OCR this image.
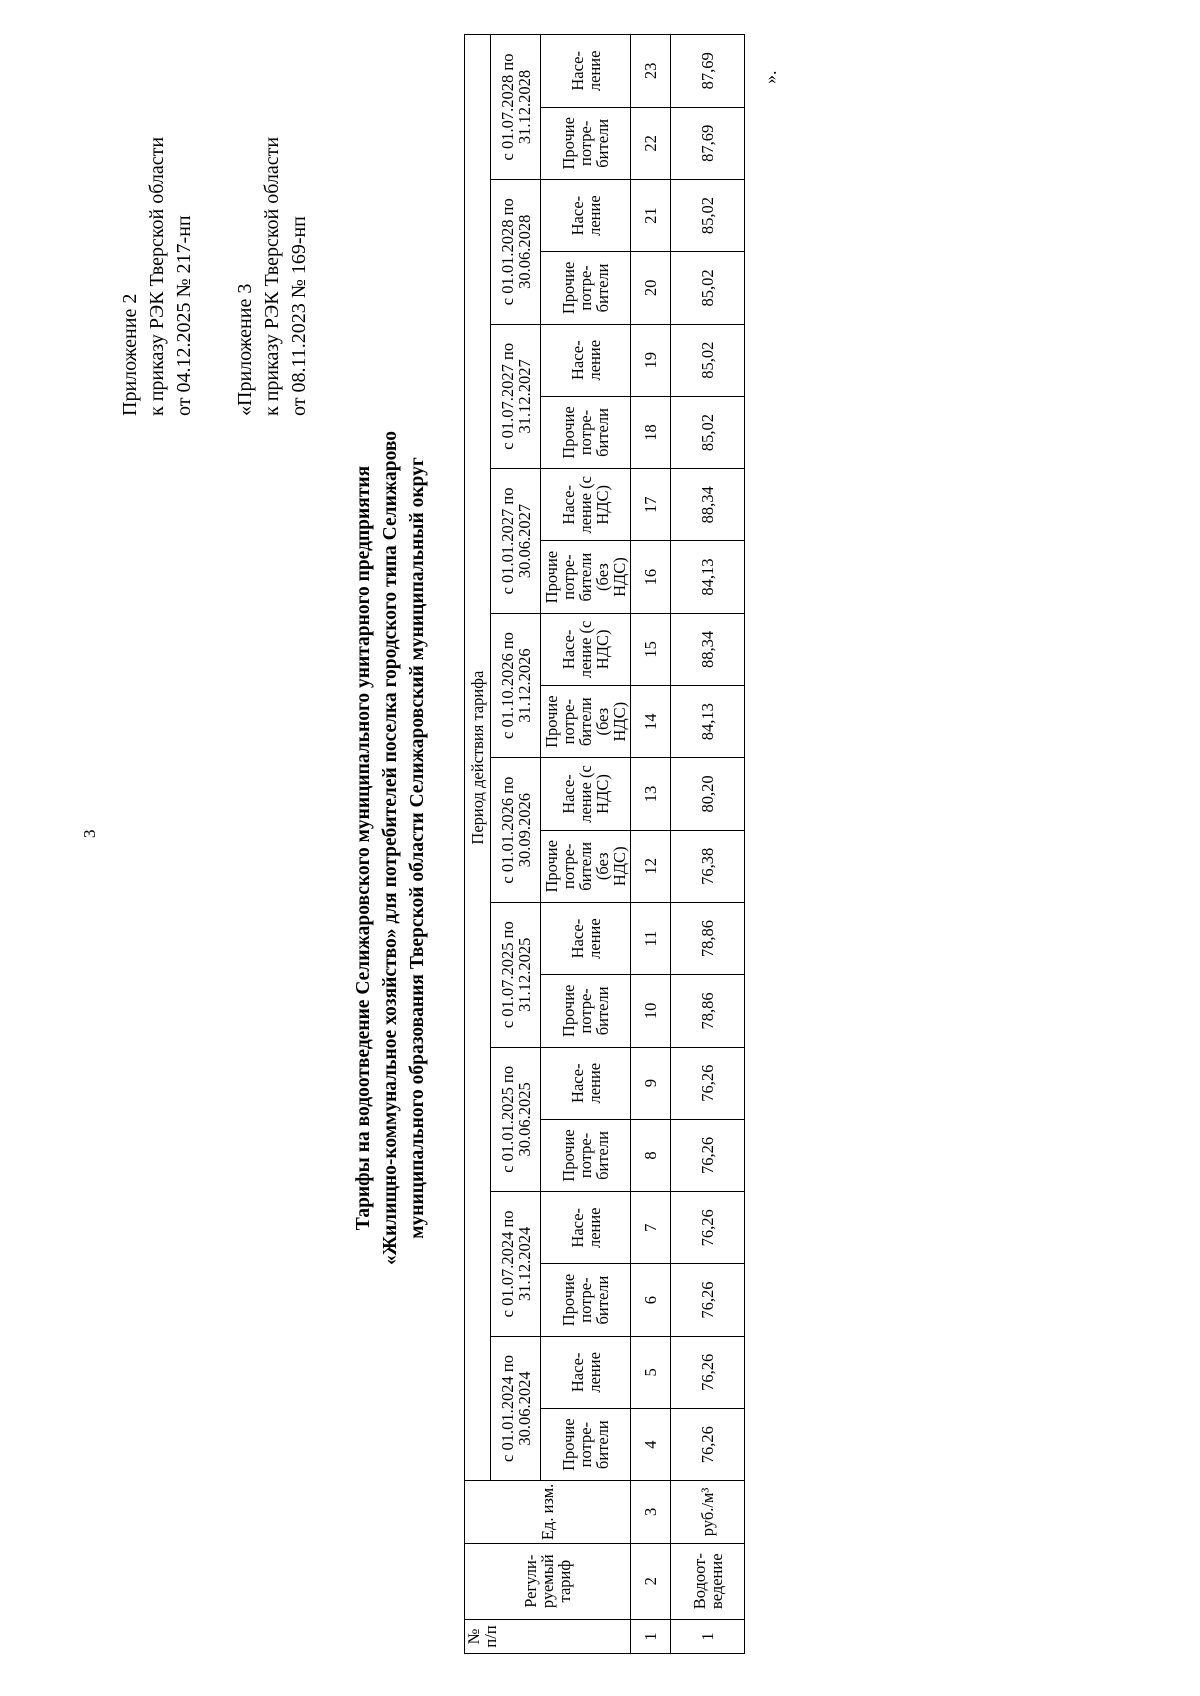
3
Приложение 2 к приказу РЭК Тверской области от 04.12.2025 № 217-нп «Приложение 3 к приказу РЭК Тверской области от 08.11.2023 № 169-нп
Тарифы на водоотведение Селижаровского муниципального унитарного предприятия «Жилищно-коммунальное хозяйство» для потребителей поселка городского типа Селижарово муниципального образования Тверской области Селижаровский муниципальный округ
№ п/п	Регули-руемый тариф	Ед. изм.	Период действия тарифа																			
			с 01.01.2024 по 30.06.2024		с 01.07.2024 по 31.12.2024		с 01.01.2025 по 30.06.2025		с 01.07.2025 по 31.12.2025		с 01.01.2026 по 30.09.2026		с 01.10.2026 по 31.12.2026		с 01.01.2027 по 30.06.2027		с 01.07.2027 по 31.12.2027		с 01.01.2028 по 30.06.2028		с 01.07.2028 по 31.12.2028	
			Прочие потре-бители	Насе-ление	Прочие потре-бители	Насе-ление	Прочие потре-бители	Насе-ление	Прочие потре-бители	Насе-ление	Прочие потре-бители (без НДС)	Насе-ление (с НДС)	Прочие потре-бители (без НДС)	Насе-ление (с НДС)	Прочие потре-бители (без НДС)	Насе-ление (с НДС)	Прочие потре-бители	Насе-ление	Прочие потре-бители	Насе-ление	Прочие потре-бители	Насе-ление
1	2	3	4	5	6	7	8	9	10	11	12	13	14	15	16	17	18	19	20	21	22	23
1	Водоот-ведение	руб./м³	76,26	76,26	76,26	76,26	76,26	76,26	78,86	78,86	76,38	80,20	84,13	88,34	84,13	88,34	85,02	85,02	85,02	85,02	87,69	87,69 ».
